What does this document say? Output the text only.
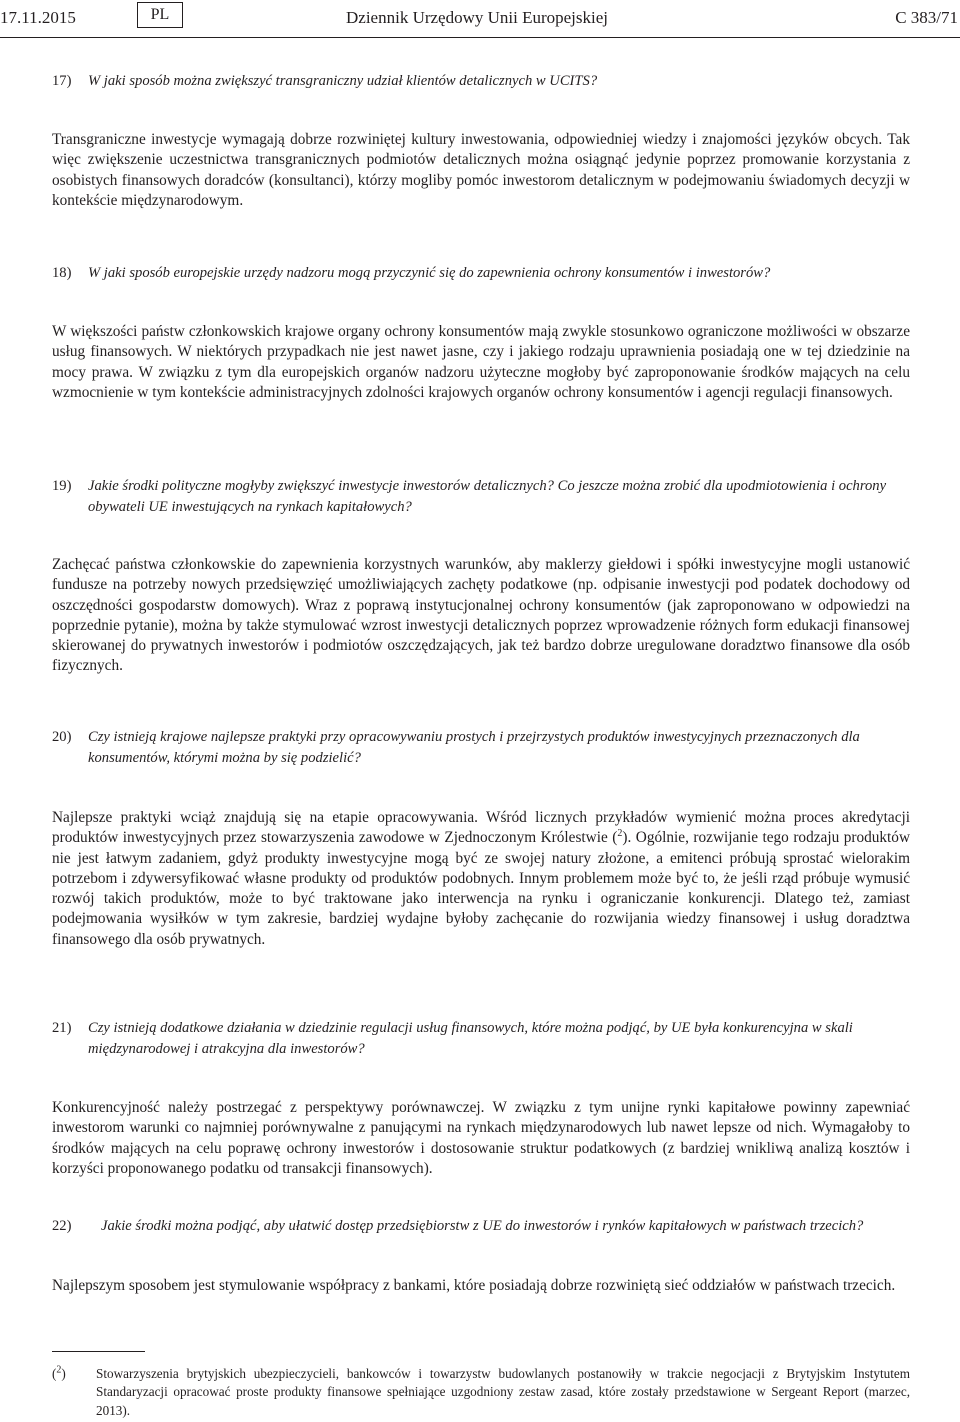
17.11.2015	PL	Dziennik Urzędowy Unii Europejskiej	C 383/71
17)	W jaki sposób można zwiększyć transgraniczny udział klientów detalicznych w UCITS?
Transgraniczne inwestycje wymagają dobrze rozwiniętej kultury inwestowania, odpowiedniej wiedzy i znajomości języków obcych. Tak więc zwiększenie uczestnictwa transgranicznych podmiotów detalicznych można osiągnąć jedynie poprzez promowanie korzystania z osobistych finansowych doradców (konsultanci), którzy mogliby pomóc inwestorom detalicznym w podejmowaniu świadomych decyzji w kontekście międzynarodowym.
18)	W jaki sposób europejskie urzędy nadzoru mogą przyczynić się do zapewnienia ochrony konsumentów i inwestorów?
W większości państw członkowskich krajowe organy ochrony konsumentów mają zwykle stosunkowo ograniczone możliwości w obszarze usług finansowych. W niektórych przypadkach nie jest nawet jasne, czy i jakiego rodzaju uprawnienia posiadają one w tej dziedzinie na mocy prawa. W związku z tym dla europejskich organów nadzoru użyteczne mogłoby być zaproponowanie środków mających na celu wzmocnienie w tym kontekście administracyjnych zdolności krajowych organów ochrony konsumentów i agencji regulacji finansowych.
19) Jakie środki polityczne mogłyby zwiększyć inwestycje inwestorów detalicznych? Co jeszcze można zrobić dla upodmiotowienia i ochrony obywateli UE inwestujących na rynkach kapitałowych?
Zachęcać państwa członkowskie do zapewnienia korzystnych warunków, aby maklerzy giełdowi i spółki inwestycyjne mogli ustanowić fundusze na potrzeby nowych przedsięwzięć umożliwiających zachęty podatkowe (np. odpisanie inwestycji pod podatek dochodowy od oszczędności gospodarstw domowych). Wraz z poprawą instytucjonalnej ochrony konsumentów (jak zaproponowano w odpowiedzi na poprzednie pytanie), można by także stymulować wzrost inwestycji detalicznych poprzez wprowadzenie różnych form edukacji finansowej skierowanej do prywatnych inwestorów i podmiotów oszczędzających, jak też bardzo dobrze uregulowane doradztwo finansowe dla osób fizycznych.
20) Czy istnieją krajowe najlepsze praktyki przy opracowywaniu prostych i przejrzystych produktów inwestycyjnych przeznaczonych dla konsumentów, którymi można by się podzielić?
Najlepsze praktyki wciąż znajdują się na etapie opracowywania. Wśród licznych przykładów wymienić można proces akredytacji produktów inwestycyjnych przez stowarzyszenia zawodowe w Zjednoczonym Królestwie ($^2$). Ogólnie, rozwijanie tego rodzaju produktów nie jest łatwym zadaniem, gdyż produkty inwestycyjne mogą być ze swojej natury złożone, a emitenci próbują sprostać wielorakim potrzebom i zdywersyfikować własne produkty od produktów podobnych. Innym problemem może być to, że jeśli rząd próbuje wymusić rozwój takich produktów, może to być traktowane jako interwencja na rynku i ograniczanie konkurencji. Dlatego też, zamiast podejmowania wysiłków w tym zakresie, bardziej wydajne byłoby zachęcanie do rozwijania wiedzy finansowej i usług doradztwa finansowego dla osób prywatnych.
21) Czy istnieją dodatkowe działania w dziedzinie regulacji usług finansowych, które można podjąć, by UE była konkurencyjna w skali międzynarodowej i atrakcyjna dla inwestorów?
Konkurencyjność należy postrzegać z perspektywy porównawczej. W związku z tym unijne rynki kapitałowe powinny zapewniać inwestorom warunki co najmniej porównywalne z panującymi na rynkach międzynarodowych lub nawet lepsze od nich. Wymagałoby to środków mających na celu poprawę ochrony inwestorów i dostosowanie struktur podatkowych (z bardziej wnikliwą analizą kosztów i korzyści proponowanego podatku od transakcji finansowych).
22)	Jakie środki można podjąć, aby ułatwić dostęp przedsiębiorstw z UE do inwestorów i rynków kapitałowych w państwach trzecich?
Najlepszym sposobem jest stymulowanie współpracy z bankami, które posiadają dobrze rozwiniętą sieć oddziałów w państwach trzecich.
($^2$) Stowarzyszenia brytyjskich ubezpieczycieli, bankowców i towarzystw budowlanych postanowiły w trakcie negocjacji z Brytyjskim Instytutem Standaryzacji opracować proste produkty finansowe spełniające uzgodniony zestaw zasad, które zostały przedstawione w Sergeant Report (marzec, 2013).
